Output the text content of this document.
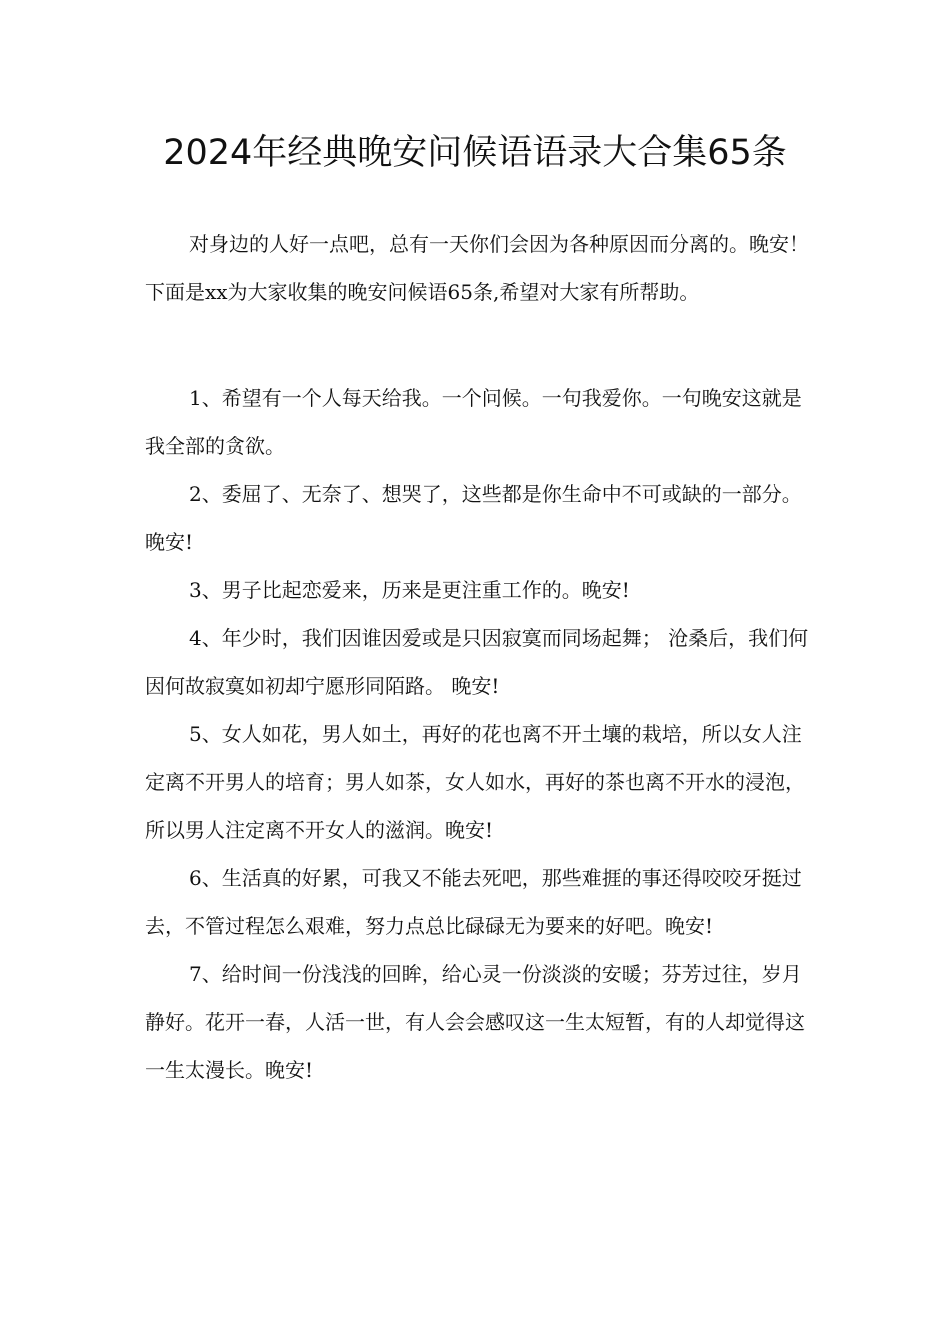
2024年经典晚安问候语语录大合集65条

对身边的人好一点吧，总有一天你们会因为各种原因而分离的。晚安！下面是xx为大家收集的晚安问候语65条,希望对大家有所帮助。

1、希望有一个人每天给我。一个问候。一句我爱你。一句晚安这就是我全部的贪欲。

2、委屈了、无奈了、想哭了，这些都是你生命中不可或缺的一部分。晚安!

3、男子比起恋爱来，历来是更注重工作的。晚安!

4、年少时，我们因谁因爱或是只因寂寞而同场起舞； 沧桑后，我们何因何故寂寞如初却宁愿形同陌路。 晚安!

5、女人如花，男人如土，再好的花也离不开土壤的栽培，所以女人注定离不开男人的培育；男人如茶，女人如水，再好的茶也离不开水的浸泡，所以男人注定离不开女人的滋润。晚安!

6、生活真的好累，可我又不能去死吧，那些难捱的事还得咬咬牙挺过去，不管过程怎么艰难，努力点总比碌碌无为要来的好吧。晚安!

7、给时间一份浅浅的回眸，给心灵一份淡淡的安暖；芬芳过往，岁月静好。花开一春，人活一世，有人会会感叹这一生太短暂，有的人却觉得这一生太漫长。晚安!
